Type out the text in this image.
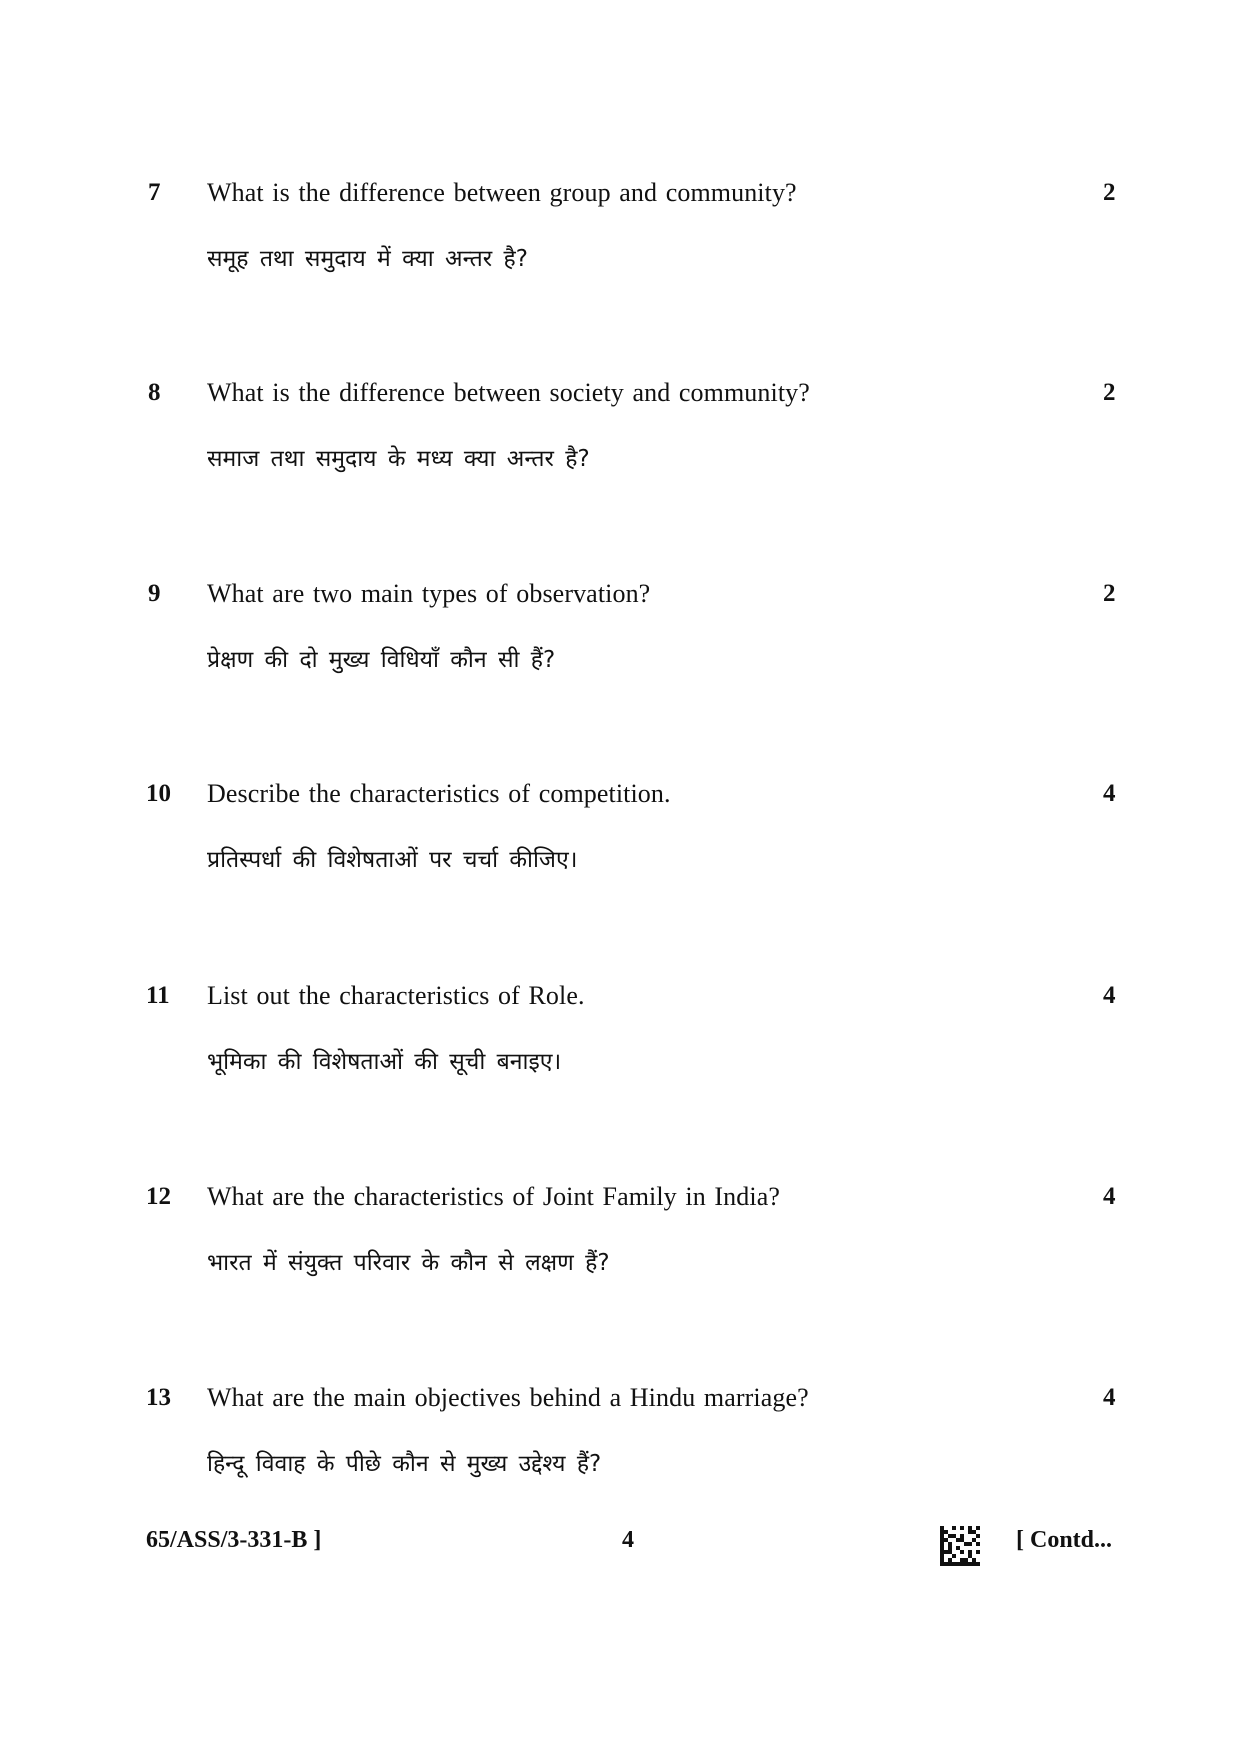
7 What is the difference between group and community?
समूह तथा समुदाय में क्या अन्तर है?
2
8 What is the difference between society and community?
समाज तथा समुदाय के मध्य क्या अन्तर है?
2
9 What are two main types of observation?
प्रेक्षण की दो मुख्य विधियाँ कौन सी हैं?
2
10 Describe the characteristics of competition.
प्रतिस्पर्धा की विशेषताओं पर चर्चा कीजिए।
4
11 List out the characteristics of Role.
भूमिका की विशेषताओं की सूची बनाइए।
4
12 What are the characteristics of Joint Family in India?
भारत में संयुक्त परिवार के कौन से लक्षण हैं?
4
13 What are the main objectives behind a Hindu marriage?
हिन्दू विवाह के पीछे कौन से मुख्य उद्देश्य हैं?
4
65/ASS/3-331-B ]	4	[ Contd...
